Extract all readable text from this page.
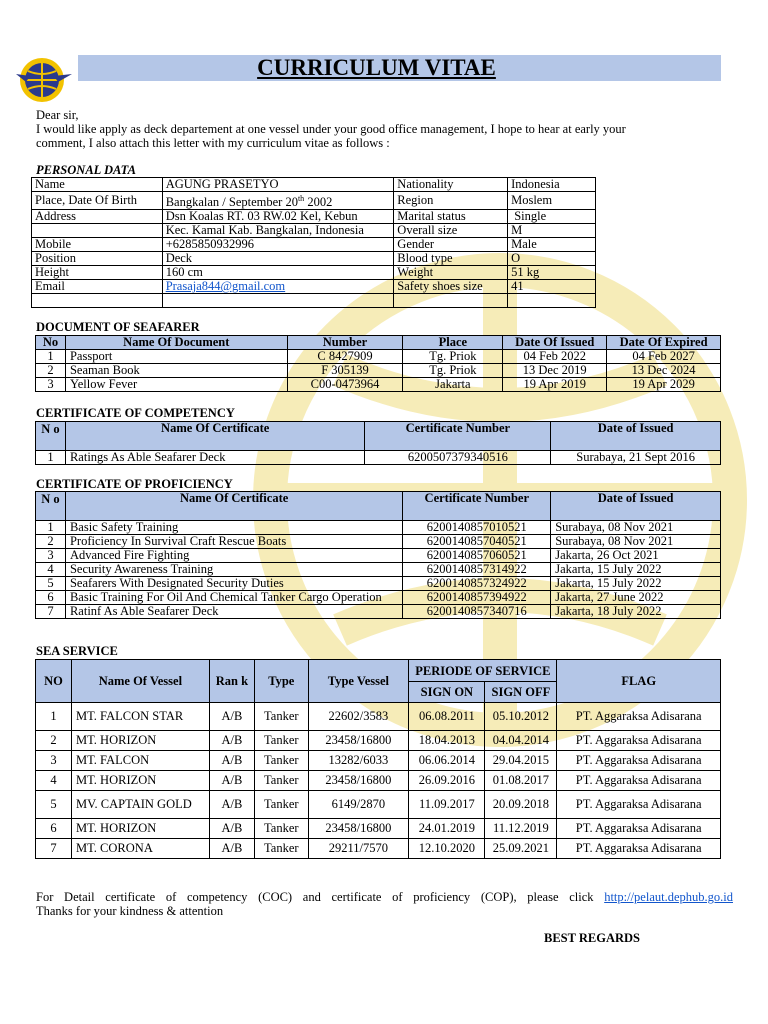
CURRICULUM VITAE
Dear sir,
I would like apply as deck departement at one vessel under your good office management, I hope to hear at early your
comment, I also attach this letter with my curriculum vitae as follows :
PERSONAL DATA
Name	AGUNG PRASETYO	Nationality	Indonesia
Place, Date Of Birth	Bangkalan / September 20th 2002	Region	Moslem
Address	Dsn Koalas RT. 03 RW.02 Kel, Kebun	Marital status	Single
	Kec. Kamal Kab. Bangkalan, Indonesia	Overall size	M
Mobile	+6285850932996	Gender	Male
Position	Deck	Blood type	O
Height	160 cm	Weight	51 kg
Email	Prasaja844@gmail.com	Safety shoes size	41

DOCUMENT OF SEAFARER
No	Name Of Document	Number	Place	Date Of Issued	Date Of Expired
1	Passport	C 8427909	Tg. Priok	04 Feb 2022	04 Feb 2027
2	Seaman Book	F 305139	Tg. Priok	13 Dec 2019	13 Dec 2024
3	Yellow Fever	C00-0473964	Jakarta	19 Apr 2019	19 Apr 2029
CERTIFICATE OF COMPETENCY
N o	Name Of Certificate	Certificate Number	Date of Issued
1	Ratings As Able Seafarer Deck	6200507379340516	Surabaya, 21 Sept 2016
CERTIFICATE OF PROFICIENCY
N o	Name Of Certificate	Certificate Number	Date of Issued
1	Basic Safety Training	6200140857010521	Surabaya, 08 Nov 2021
2	Proficiency In Survival Craft Rescue Boats	6200140857040521	Surabaya, 08 Nov 2021
3	Advanced Fire Fighting	6200140857060521	Jakarta, 26 Oct 2021
4	Security Awareness Training	6200140857314922	Jakarta, 15 July 2022
5	Seafarers With Designated Security Duties	6200140857324922	Jakarta, 15 July 2022
6	Basic Training For Oil And Chemical Tanker Cargo Operation	6200140857394922	Jakarta, 27 June 2022
7	Ratinf As Able Seafarer Deck	6200140857340716	Jakarta, 18 July 2022
SEA SERVICE
NO	Name Of Vessel	Ran k	Type	Type Vessel	PERIODE OF SERVICE		FLAG
					SIGN ON	SIGN OFF	
1	MT. FALCON STAR	A/B	Tanker	22602/3583	06.08.2011	05.10.2012	PT. Aggaraksa Adisarana
2	MT. HORIZON	A/B	Tanker	23458/16800	18.04.2013	04.04.2014	PT. Aggaraksa Adisarana
3	MT. FALCON	A/B	Tanker	13282/6033	06.06.2014	29.04.2015	PT. Aggaraksa Adisarana
4	MT. HORIZON	A/B	Tanker	23458/16800	26.09.2016	01.08.2017	PT. Aggaraksa Adisarana
5	MV. CAPTAIN GOLD	A/B	Tanker	6149/2870	11.09.2017	20.09.2018	PT. Aggaraksa Adisarana
6	MT. HORIZON	A/B	Tanker	23458/16800	24.01.2019	11.12.2019	PT. Aggaraksa Adisarana
7	MT. CORONA	A/B	Tanker	29211/7570	12.10.2020	25.09.2021	PT. Aggaraksa Adisarana
For Detail certificate of competency (COC) and certificate of proficiency (COP), please click http://pelaut.dephub.go.id
Thanks for your kindness & attention
BEST REGARDS
